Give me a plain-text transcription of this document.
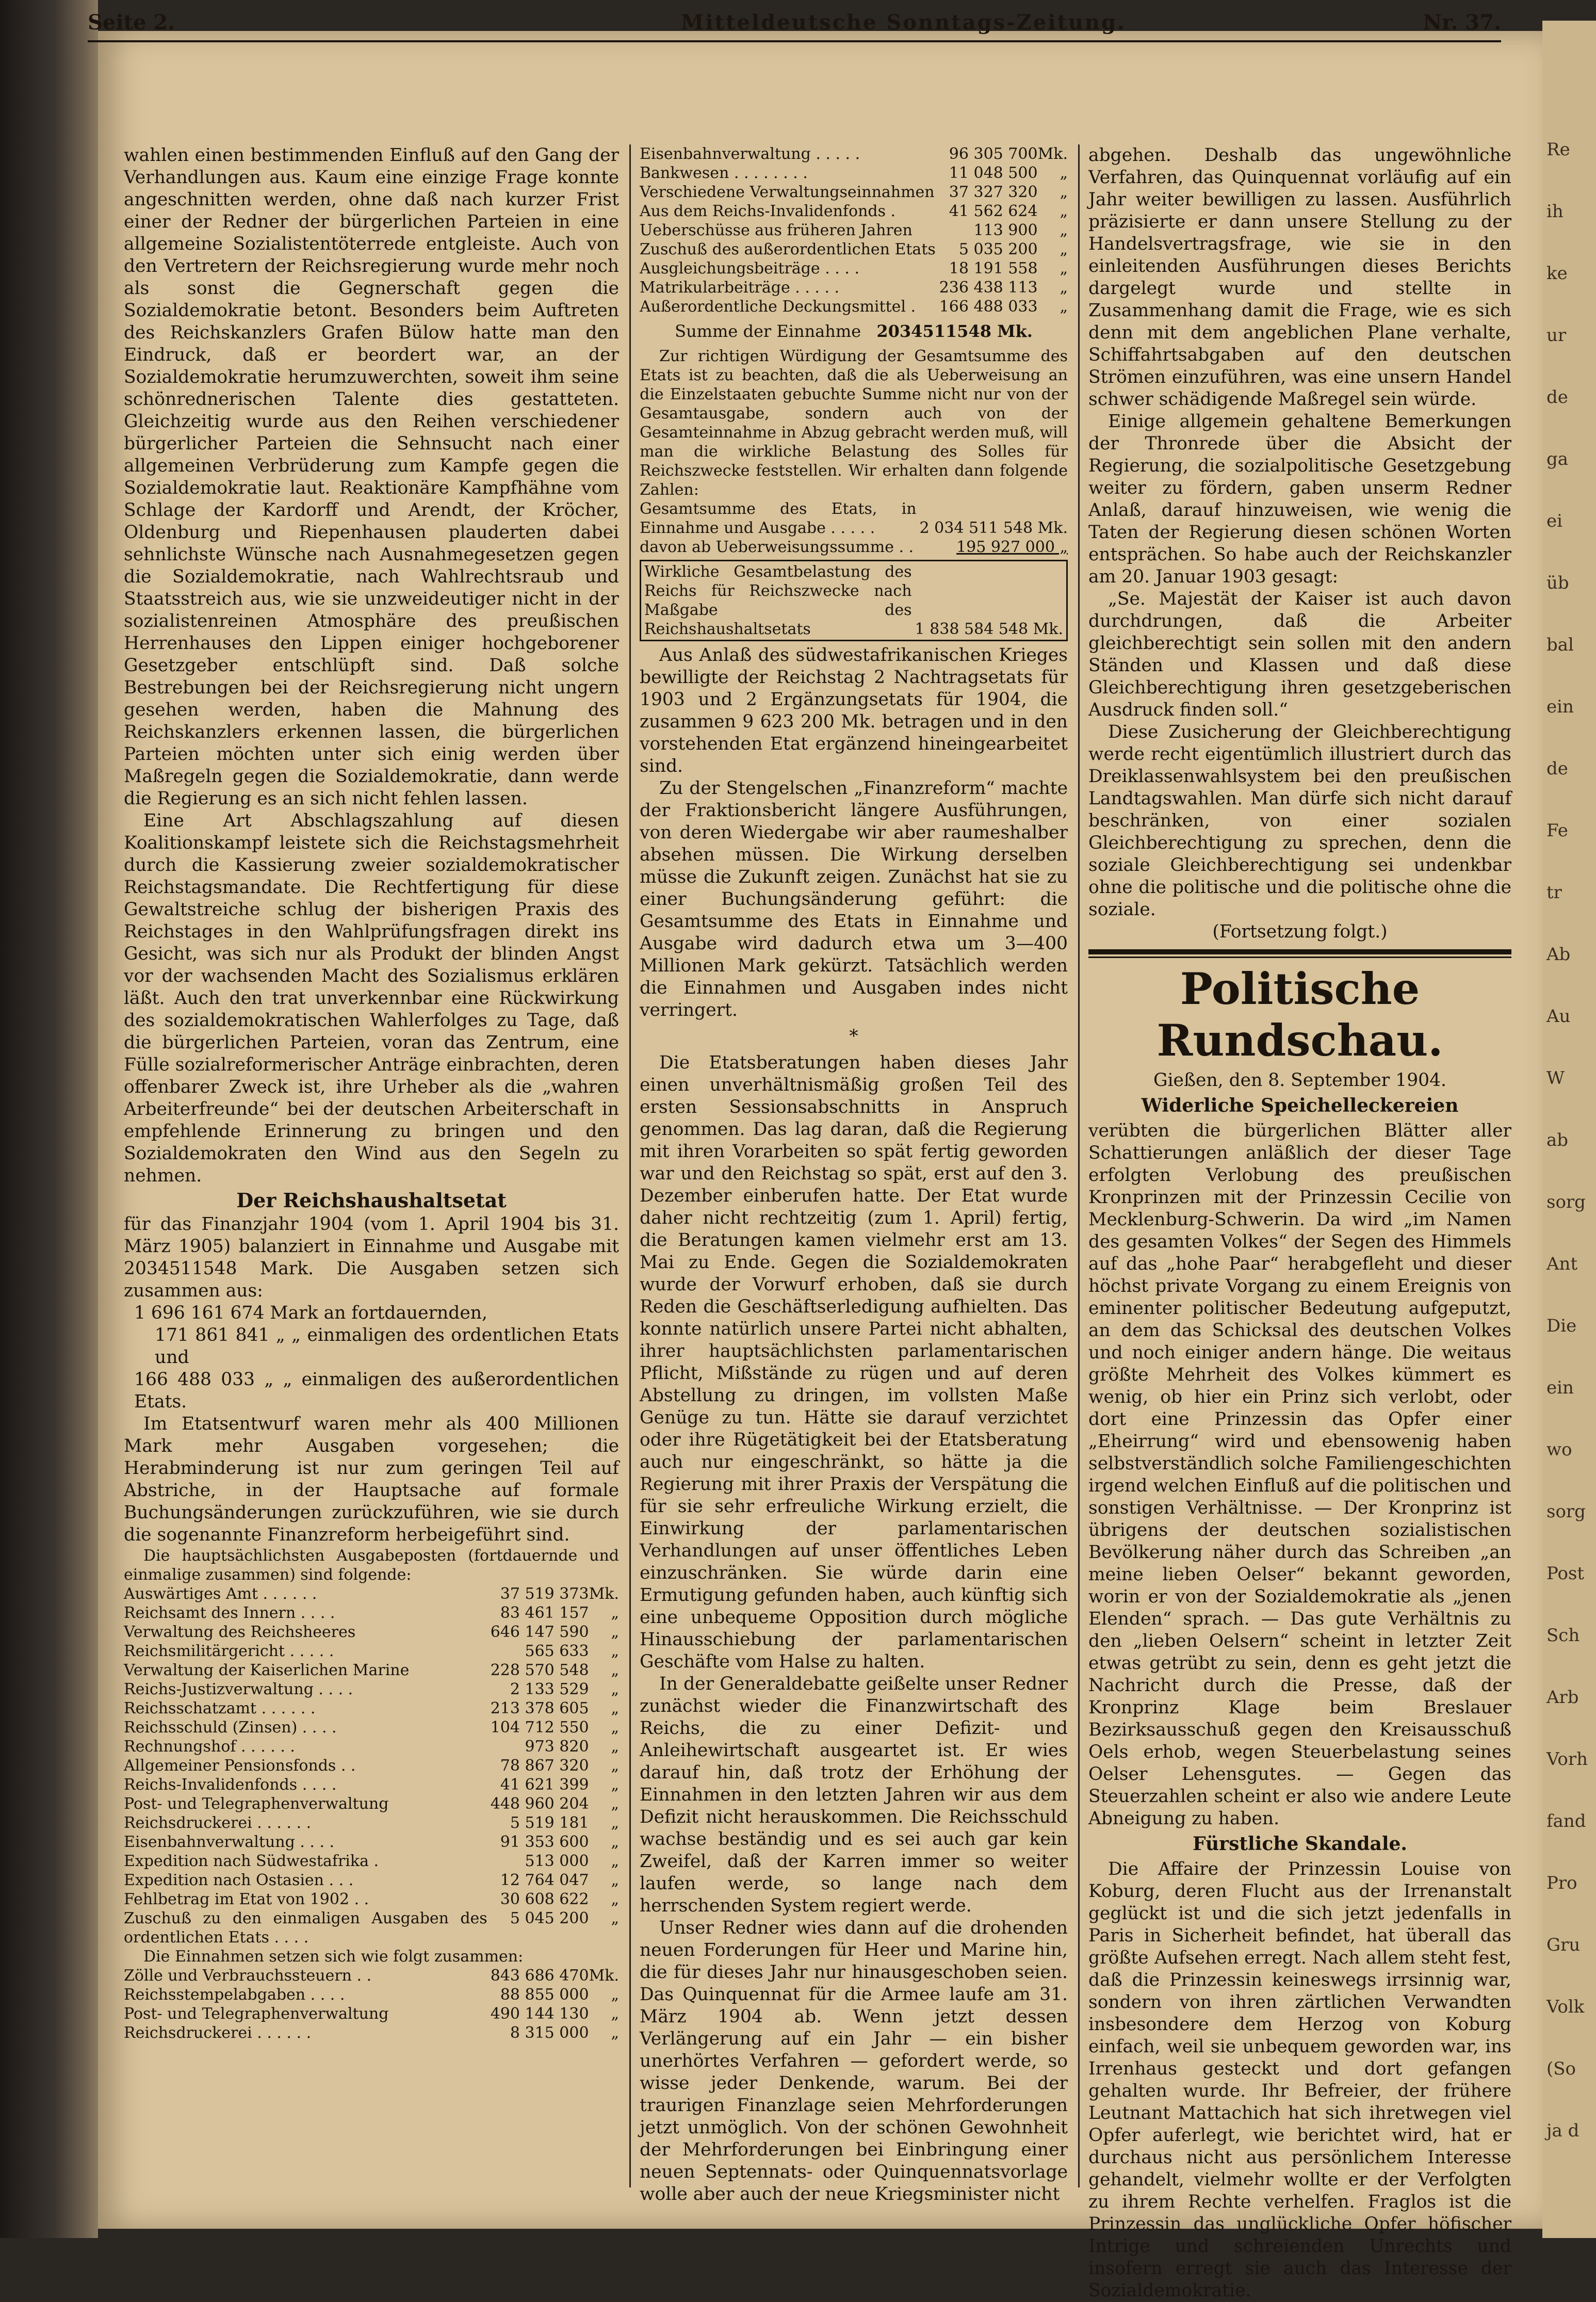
Re
ih
ke
ur
de
ga
ei
üb
bal
ein
de
Fe
tr
Ab
Au
W
ab
sorg
Ant
Die
ein
wo
sorg
Post
Sch
Arb
Vorh
fand
Pro
Gru
Volk
(So
ja d
Seite 2.	Mitteldeutsche Sonntags-Zeitung.	Nr. 37.

wahlen einen bestimmenden Einfluß auf den Gang der Verhandlungen aus. Kaum eine einzige Frage konnte angeschnitten werden, ohne daß nach kurzer Frist einer der Redner der bürgerlichen Parteien in eine allgemeine Sozialistentöterrede entgleiste. Auch von den Vertretern der Reichsregierung wurde mehr noch als sonst die Gegnerschaft gegen die Sozialdemokratie betont. Besonders beim Auftreten des Reichskanzlers Grafen Bülow hatte man den Eindruck, daß er beordert war, an der Sozialdemokratie herumzuwerchten, soweit ihm seine schönrednerischen Talente dies gestatteten. Gleichzeitig wurde aus den Reihen verschiedener bürgerlicher Parteien die Sehnsucht nach einer allgemeinen Verbrüderung zum Kampfe gegen die Sozialdemokratie laut. Reaktionäre Kampfhähne vom Schlage der Kardorff und Arendt, der Kröcher, Oldenburg und Riepenhausen plauderten dabei sehnlichste Wünsche nach Ausnahmegesetzen gegen die Sozialdemokratie, nach Wahlrechtsraub und Staatsstreich aus, wie sie unzweideutiger nicht in der sozialistenreinen Atmosphäre des preußischen Herrenhauses den Lippen einiger hochgeborener Gesetzgeber entschlüpft sind. Daß solche Bestrebungen bei der Reichsregierung nicht ungern gesehen werden, haben die Mahnung des Reichskanzlers erkennen lassen, die bürgerlichen Parteien möchten unter sich einig werden über Maßregeln gegen die Sozialdemokratie, dann werde die Regierung es an sich nicht fehlen lassen.

Eine Art Abschlagszahlung auf diesen Koalitionskampf leistete sich die Reichstagsmehrheit durch die Kassierung zweier sozialdemokratischer Reichstagsmandate. Die Rechtfertigung für diese Gewaltstreiche schlug der bisherigen Praxis des Reichstages in den Wahlprüfungsfragen direkt ins Gesicht, was sich nur als Produkt der blinden Angst vor der wachsenden Macht des Sozialismus erklären läßt. Auch den trat unverkennbar eine Rückwirkung des sozialdemokratischen Wahlerfolges zu Tage, daß die bürgerlichen Parteien, voran das Zentrum, eine Fülle sozialreformerischer Anträge einbrachten, deren offenbarer Zweck ist, ihre Urheber als die „wahren Arbeiterfreunde“ bei der deutschen Arbeiterschaft in empfehlende Erinnerung zu bringen und den Sozialdemokraten den Wind aus den Segeln zu nehmen.

Der Reichshaushaltsetat

für das Finanzjahr 1904 (vom 1. April 1904 bis 31. März 1905) balanziert in Einnahme und Ausgabe mit 2034511548 Mark. Die Ausgaben setzen sich zusammen aus:

1 696 161 674 Mark an fortdauernden,
171 861 841 „ „ einmaligen des ordentlichen Etats und
166 488 033 „ „ einmaligen des außerordentlichen Etats.

Im Etatsentwurf waren mehr als 400 Millionen Mark mehr Ausgaben vorgesehen; die Herabminderung ist nur zum geringen Teil auf Abstriche, in der Hauptsache auf formale Buchungsänderungen zurückzuführen, wie sie durch die sogenannte Finanzreform herbeigeführt sind.

Die hauptsächlichsten Ausgabeposten (fortdauernde und einmalige zusammen) sind folgende:

Auswärtiges Amt . . . . . .	37 519 373	Mk.
Reichsamt des Innern . . . .	83 461 157	„
Verwaltung des Reichsheeres	646 147 590	„
Reichsmilitärgericht . . . . .	565 633	„
Verwaltung der Kaiserlichen Marine	228 570 548	„
Reichs-Justizverwaltung . . . .	2 133 529	„
Reichsschatzamt . . . . . .	213 378 605	„
Reichsschuld (Zinsen) . . . .	104 712 550	„
Rechnungshof . . . . . .	973 820	„
Allgemeiner Pensionsfonds . .	78 867 320	„
Reichs-Invalidenfonds . . . .	41 621 399	„
Post- und Telegraphenverwaltung	448 960 204	„
Reichsdruckerei . . . . . .	5 519 181	„
Eisenbahnverwaltung . . . .	91 353 600	„
Expedition nach Südwestafrika .	513 000	„
Expedition nach Ostasien . . .	12 764 047	„
Fehlbetrag im Etat von 1902 . .	30 608 622	„
Zuschuß zu den einmaligen Ausgaben des ordentlichen Etats . . . .	5 045 200	„

Die Einnahmen setzen sich wie folgt zusammen:

Zölle und Verbrauchssteuern . .	843 686 470	Mk.
Reichsstempelabgaben . . . .	88 855 000	„
Post- und Telegraphenverwaltung	490 144 130	„
Reichsdruckerei . . . . . .	8 315 000	„
Eisenbahnverwaltung . . . . .	96 305 700	Mk.
Bankwesen . . . . . . . .	11 048 500	„
Verschiedene Verwaltungseinnahmen	37 327 320	„
Aus dem Reichs-Invalidenfonds .	41 562 624	„
Ueberschüsse aus früheren Jahren	113 900	„
Zuschuß des außerordentlichen Etats	5 035 200	„
Ausgleichungsbeiträge . . . .	18 191 558	„
Matrikularbeiträge . . . . .	236 438 113	„
Außerordentliche Deckungsmittel .	166 488 033	„
Summe der Einnahme 2034511548 Mk.

Zur richtigen Würdigung der Gesamtsumme des Etats ist zu beachten, daß die als Ueberweisung an die Einzelstaaten gebuchte Summe nicht nur von der Gesamtausgabe, sondern auch von der Gesamteinnahme in Abzug gebracht werden muß, will man die wirkliche Belastung des Solles für Reichszwecke feststellen. Wir erhalten dann folgende Zahlen:

Gesamtsumme des Etats, in Einnahme und Ausgabe . . . . .	2 034 511 548 Mk.
davon ab Ueberweisungssumme . .	195 927 000 „
Wirkliche Gesamtbelastung des Reichs für Reichszwecke nach Maßgabe des Reichshaushaltsetats	1 838 584 548 Mk.

Aus Anlaß des südwestafrikanischen Krieges bewilligte der Reichstag 2 Nachtragsetats für 1903 und 2 Ergänzungsetats für 1904, die zusammen 9 623 200 Mk. betragen und in den vorstehenden Etat ergänzend hineingearbeitet sind.

Zu der Stengelschen „Finanzreform“ machte der Fraktionsbericht längere Ausführungen, von deren Wiedergabe wir aber raumeshalber absehen müssen. Die Wirkung derselben müsse die Zukunft zeigen. Zunächst hat sie zu einer Buchungsänderung geführt: die Gesamtsumme des Etats in Einnahme und Ausgabe wird dadurch etwa um 3—400 Millionen Mark gekürzt. Tatsächlich werden die Einnahmen und Ausgaben indes nicht verringert.

*

Die Etatsberatungen haben dieses Jahr einen unverhältnismäßig großen Teil des ersten Sessionsabschnitts in Anspruch genommen. Das lag daran, daß die Regierung mit ihren Vorarbeiten so spät fertig geworden war und den Reichstag so spät, erst auf den 3. Dezember einberufen hatte. Der Etat wurde daher nicht rechtzeitig (zum 1. April) fertig, die Beratungen kamen vielmehr erst am 13. Mai zu Ende. Gegen die Sozialdemokraten wurde der Vorwurf erhoben, daß sie durch Reden die Geschäftserledigung aufhielten. Das konnte natürlich unsere Partei nicht abhalten, ihrer hauptsächlichsten parlamentarischen Pflicht, Mißstände zu rügen und auf deren Abstellung zu dringen, im vollsten Maße Genüge zu tun. Hätte sie darauf verzichtet oder ihre Rügetätigkeit bei der Etatsberatung auch nur eingeschränkt, so hätte ja die Regierung mit ihrer Praxis der Verspätung die für sie sehr erfreuliche Wirkung erzielt, die Einwirkung der parlamentarischen Verhandlungen auf unser öffentliches Leben einzuschränken. Sie würde darin eine Ermutigung gefunden haben, auch künftig sich eine unbequeme Opposition durch mögliche Hinausschiebung der parlamentarischen Geschäfte vom Halse zu halten.

In der Generaldebatte geißelte unser Redner zunächst wieder die Finanzwirtschaft des Reichs, die zu einer Defizit- und Anleihewirtschaft ausgeartet ist. Er wies darauf hin, daß trotz der Erhöhung der Einnahmen in den letzten Jahren wir aus dem Defizit nicht herauskommen. Die Reichsschuld wachse beständig und es sei auch gar kein Zweifel, daß der Karren immer so weiter laufen werde, so lange nach dem herrschenden System regiert werde.

Unser Redner wies dann auf die drohenden neuen Forderungen für Heer und Marine hin, die für dieses Jahr nur hinausgeschoben seien. Das Quinquennat für die Armee laufe am 31. März 1904 ab. Wenn jetzt dessen Verlängerung auf ein Jahr — ein bisher unerhörtes Verfahren — gefordert werde, so wisse jeder Denkende, warum. Bei der traurigen Finanzlage seien Mehrforderungen jetzt unmöglich. Von der schönen Gewohnheit der Mehrforderungen bei Einbringung einer neuen Septennats- oder Quinquennatsvorlage wolle aber auch der neue Kriegsminister nicht

abgehen. Deshalb das ungewöhnliche Verfahren, das Quinquennat vorläufig auf ein Jahr weiter bewilligen zu lassen. Ausführlich präzisierte er dann unsere Stellung zu der Handelsvertragsfrage, wie sie in den einleitenden Ausführungen dieses Berichts dargelegt wurde und stellte in Zusammenhang damit die Frage, wie es sich denn mit dem angeblichen Plane verhalte, Schiffahrtsabgaben auf den deutschen Strömen einzuführen, was eine unsern Handel schwer schädigende Maßregel sein würde.

Einige allgemein gehaltene Bemerkungen der Thronrede über die Absicht der Regierung, die sozialpolitische Gesetzgebung weiter zu fördern, gaben unserm Redner Anlaß, darauf hinzuweisen, wie wenig die Taten der Regierung diesen schönen Worten entsprächen. So habe auch der Reichskanzler am 20. Januar 1903 gesagt:

„Se. Majestät der Kaiser ist auch davon durchdrungen, daß die Arbeiter gleichberechtigt sein sollen mit den andern Ständen und Klassen und daß diese Gleichberechtigung ihren gesetzgeberischen Ausdruck finden soll.“

Diese Zusicherung der Gleichberechtigung werde recht eigentümlich illustriert durch das Dreiklassenwahlsystem bei den preußischen Landtagswahlen. Man dürfe sich nicht darauf beschränken, von einer sozialen Gleichberechtigung zu sprechen, denn die soziale Gleichberechtigung sei undenkbar ohne die politische und die politische ohne die soziale.

(Fortsetzung folgt.)
Politische Rundschau.
Gießen, den 8. September 1904.
Widerliche Speichelleckereien

verübten die bürgerlichen Blätter aller Schattierungen anläßlich der dieser Tage erfolgten Verlobung des preußischen Kronprinzen mit der Prinzessin Cecilie von Mecklenburg-Schwerin. Da wird „im Namen des gesamten Volkes“ der Segen des Himmels auf das „hohe Paar“ herabgefleht und dieser höchst private Vorgang zu einem Ereignis von eminenter politischer Bedeutung aufgeputzt, an dem das Schicksal des deutschen Volkes und noch einiger andern hänge. Die weitaus größte Mehrheit des Volkes kümmert es wenig, ob hier ein Prinz sich verlobt, oder dort eine Prinzessin das Opfer einer „Eheirrung“ wird und ebensowenig haben selbstverständlich solche Familiengeschichten irgend welchen Einfluß auf die politischen und sonstigen Verhältnisse. — Der Kronprinz ist übrigens der deutschen sozialistischen Bevölkerung näher durch das Schreiben „an meine lieben Oelser“ bekannt geworden, worin er von der Sozialdemokratie als „jenen Elenden“ sprach. — Das gute Verhältnis zu den „lieben Oelsern“ scheint in letzter Zeit etwas getrübt zu sein, denn es geht jetzt die Nachricht durch die Presse, daß der Kronprinz Klage beim Breslauer Bezirksausschuß gegen den Kreisausschuß Oels erhob, wegen Steuerbelastung seines Oelser Lehensgutes. — Gegen das Steuerzahlen scheint er also wie andere Leute Abneigung zu haben.

Fürstliche Skandale.

Die Affaire der Prinzessin Louise von Koburg, deren Flucht aus der Irrenanstalt geglückt ist und die sich jetzt jedenfalls in Paris in Sicherheit befindet, hat überall das größte Aufsehen erregt. Nach allem steht fest, daß die Prinzessin keineswegs irrsinnig war, sondern von ihren zärtlichen Verwandten insbesondere dem Herzog von Koburg einfach, weil sie unbequem geworden war, ins Irrenhaus gesteckt und dort gefangen gehalten wurde. Ihr Befreier, der frühere Leutnant Mattachich hat sich ihretwegen viel Opfer auferlegt, wie berichtet wird, hat er durchaus nicht aus persönlichem Interesse gehandelt, vielmehr wollte er der Verfolgten zu ihrem Rechte verhelfen. Fraglos ist die Prinzessin das unglückliche Opfer höfischer Intrige und schreienden Unrechts und insofern erregt sie auch das Interesse der Sozialdemokratie.
